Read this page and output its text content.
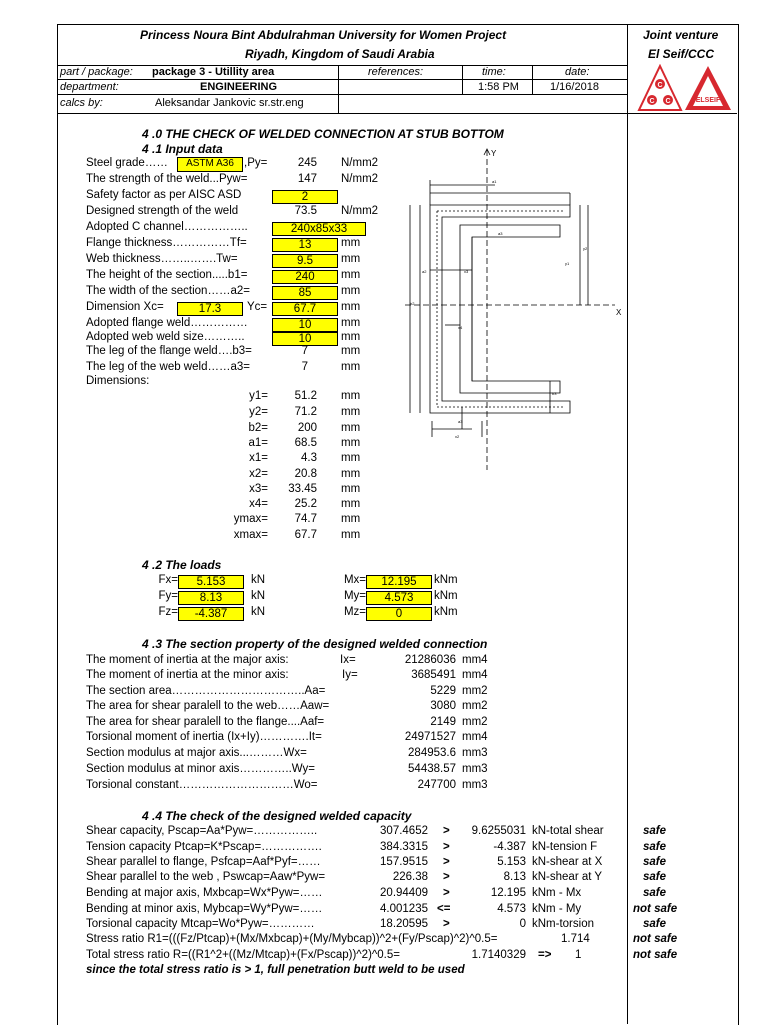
Princess Noura Bint Abdulrahman University for Women Project
Riyadh, Kingdom of Saudi Arabia
Joint venture
El Seif/CCC
part / package: package 3 - Utillity area	references:	time:	date:
department:	ENGINEERING	1:58 PM	1/16/2018
calcs by:	Aleksandar Jankovic sr.str.eng
C
C C	ELSEIF
4 .0 THE CHECK OF WELDED CONNECTION AT STUB BOTTOM
4 .1 Input data
Steel grade……	ASTM A36 ,Py=	245 N/mm2
The strength of the weld...Pyw=	147 N/mm2
Safety factor as per AISC ASD	2
Designed strength of the weld	73.5 N/mm2
Adopted C channel……………..	240x85x33
Flange thickness……………Tf=	13	mm
Web thickness……..…….Tw=	9.5	mm
The height of the section.....b1=	240	mm
The width of the section……a2=	85	mm
Dimension Xc=	17.3	Yc=	67.7	mm
Adopted flange weld……………	10	mm
Adopted web weld size………..	10	mm
The leg of the flange weld….b3=	7	mm
The leg of the web weld……a3=	7	mm
Dimensions:
y1=	51.2 mm
y2=	71.2 mm
b2=	200 mm
a1=	68.5 mm
x1=	4.3 mm
x2=	20.8 mm
x3=	33.45 mm
x4=	25.2 mm
ymax=	74.7 mm
xmax=	67.7 mm
Y
X
a1
a3
x3
a2
b2
y1
y2
x4
b3
a3
x2
4 .2 The loads
Fx=	5.153	kN	Mx=	12.195	kNm
Fy=	8.13	kN	My=	4.573	kNm
Fz=	-4.387	kN	Mz=	0	kNm
4 .3 The section property of the designed welded connection
The moment of inertia at the major axis:	Ix=	21286036 mm4
The moment of inertia at the minor axis:	Iy=	3685491 mm4
The section area……………………………..Aa=	5229 mm2
The area for shear paralell to the web……Aaw=	3080 mm2
The area for shear paralell to the flange....Aaf=	2149 mm2
Torsional moment of inertia (Ix+Iy)………….It=	24971527 mm4
Section modulus at major axis...………Wx=	284953.6 mm3
Section modulus at minor axis…………..Wy=	54438.57 mm3
Torsional constant…………………………Wo=	247700 mm3
4 .4 The check of the designed welded capacity
Shear capacity, Pscap=Aa*Pyw=……………..	307.4652 >	9.6255031 kN-total shear	safe
Tension capacity Ptcap=K*Pscap=…………….	384.3315 >	-4.387 kN-tension F	safe
Shear parallel to flange, Psfcap=Aaf*Pyf=……	157.9515 >	5.153 kN-shear at X	safe
Shear parallel to the web , Pswcap=Aaw*Pyw=	226.38 >	8.13 kN-shear at Y	safe
Bending at major axis, Mxbcap=Wx*Pyw=……	20.94409 >	12.195 kNm - Mx	safe
Bending at minor axis, Mybcap=Wy*Pyw=……	4.001235 <=	4.573 kNm - My	not safe
Torsional capacity Mtcap=Wo*Pyw=…………	18.20595 >	0 kNm-torsion	safe
Stress ratio R1=(((Fz/Ptcap)+(Mx/Mxbcap)+(My/Mybcap))^2+(Fy/Pscap)^2)^0.5=	1.714	not safe
Total stress ratio R=((R1^2+((Mz/Mtcap)+(Fx/Pscap))^2)^0.5=	1.7140329 => 1	not safe
since the total stress ratio is > 1, full penetration butt weld to be used
